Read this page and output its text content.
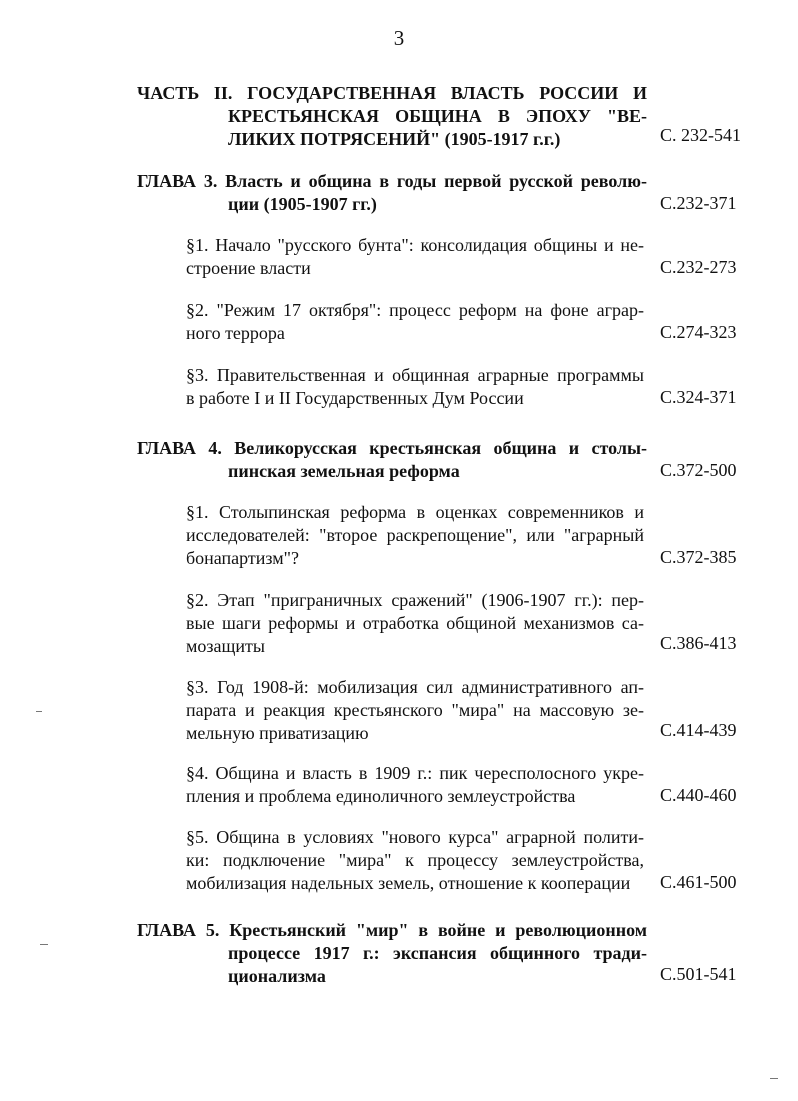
3
ЧАСТЬ II. ГОСУДАРСТВЕННАЯ ВЛАСТЬ РОССИИ И
КРЕСТЬЯНСКАЯ ОБЩИНА В ЭПОХУ "ВЕ-
ЛИКИХ ПОТРЯСЕНИЙ" (1905-1917 г.г.)	С. 232-541
ГЛАВА 3. Власть и община в годы первой русской револю-
ции (1905-1907 гг.)	С.232-371
§1. Начало "русского бунта": консолидация общины и не-
строение власти	С.232-273
§2. "Режим 17 октября": процесс реформ на фоне аграр-
ного террора	С.274-323
§3. Правительственная и общинная аграрные программы
в работе I и II Государственных Дум России	С.324-371
ГЛАВА 4. Великорусская крестьянская община и столы-
пинская земельная реформа	С.372-500
§1. Столыпинская реформа в оценках современников и
исследователей: "второе раскрепощение", или "аграрный
бонапартизм"?	С.372-385
§2. Этап "приграничных сражений" (1906-1907 гг.): пер-
вые шаги реформы и отработка общиной механизмов са-
мозащиты	С.386-413
§3. Год 1908-й: мобилизация сил административного ап-
парата и реакция крестьянского "мира" на массовую зе-
мельную приватизацию	С.414-439
§4. Община и власть в 1909 г.: пик чересполосного укре-
пления и проблема единоличного землеустройства	С.440-460
§5. Община в условиях "нового курса" аграрной полити-
ки: подключение "мира" к процессу землеустройства,
мобилизация надельных земель, отношение к кооперации	С.461-500
ГЛАВА 5. Крестьянский "мир" в войне и революционном
процессе 1917 г.: экспансия общинного тради-
ционализма	С.501-541
